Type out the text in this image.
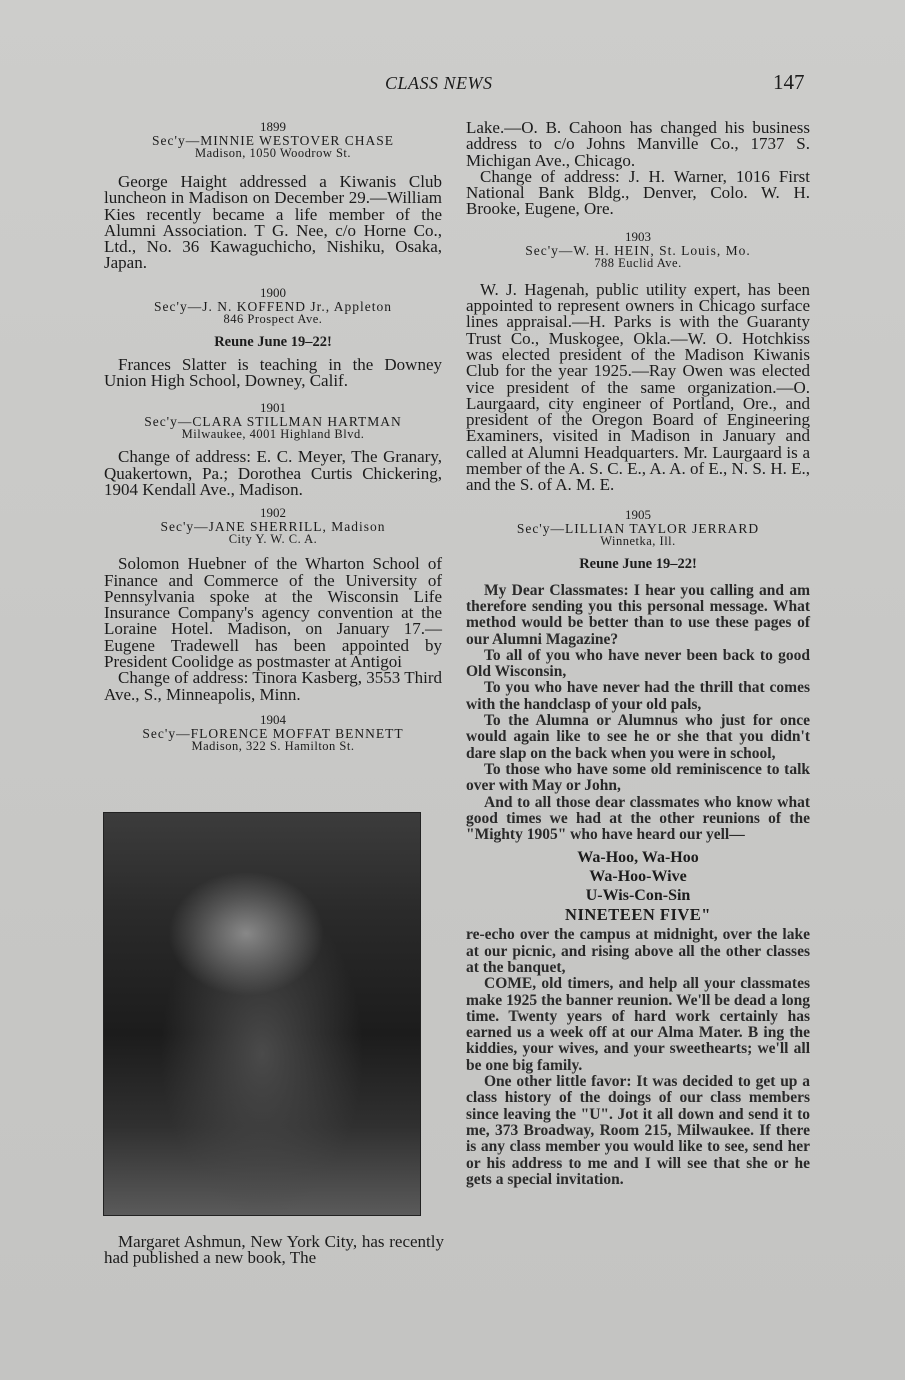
CLASS NEWS	147

1899

Sec'y—MINNIE WESTOVER CHASE

Madison, 1050 Woodrow St.

George Haight addressed a Kiwanis Club luncheon in Madison on December 29.—William Kies recently became a life member of the Alumni Association. T G. Nee, c/o Horne Co., Ltd., No. 36 Kawaguchicho, Nishiku, Osaka, Japan.

1900

Sec'y—J. N. KOFFEND Jr., Appleton

846 Prospect Ave.

Reune June 19–22!

Frances Slatter is teaching in the Downey Union High School, Downey, Calif.

1901

Sec'y—CLARA STILLMAN HARTMAN

Milwaukee, 4001 Highland Blvd.

Change of address: E. C. Meyer, The Granary, Quakertown, Pa.; Dorothea Curtis Chickering, 1904 Kendall Ave., Madison.

1902

Sec'y—JANE SHERRILL, Madison

City Y. W. C. A.

Solomon Huebner of the Wharton School of Finance and Commerce of the University of Pennsylvania spoke at the Wisconsin Life Insurance Company's agency convention at the Loraine Hotel. Madison, on January 17.—Eugene Tradewell has been appointed by President Coolidge as postmaster at Antigoi

Change of address: Tinora Kasberg, 3553 Third Ave., S., Minneapolis, Minn.

1904

Sec'y—FLORENCE MOFFAT BENNETT

Madison, 322 S. Hamilton St.

Margaret Ashmun, New York City, has recently had published a new book, The

Lake.—O. B. Cahoon has changed his business address to c/o Johns Manville Co., 1737 S. Michigan Ave., Chicago.

Change of address: J. H. Warner, 1016 First National Bank Bldg., Denver, Colo. W. H. Brooke, Eugene, Ore.

1903

Sec'y—W. H. HEIN, St. Louis, Mo.

788 Euclid Ave.

W. J. Hagenah, public utility expert, has been appointed to represent owners in Chicago surface lines appraisal.—H. Parks is with the Guaranty Trust Co., Muskogee, Okla.—W. O. Hotchkiss was elected president of the Madison Kiwanis Club for the year 1925.—Ray Owen was elected vice president of the same organization.—O. Laurgaard, city engineer of Portland, Ore., and president of the Oregon Board of Engineering Examiners, visited in Madison in January and called at Alumni Headquarters. Mr. Laurgaard is a member of the A. S. C. E., A. A. of E., N. S. H. E., and the S. of A. M. E.

1905

Sec'y—LILLIAN TAYLOR JERRARD

Winnetka, Ill.

Reune June 19–22!

My Dear Classmates: I hear you calling and am therefore sending you this personal message. What method would be better than to use these pages of our Alumni Magazine?

To all of you who have never been back to good Old Wisconsin,

To you who have never had the thrill that comes with the handclasp of your old pals,

To the Alumna or Alumnus who just for once would again like to see he or she that you didn't dare slap on the back when you were in school,

To those who have some old reminiscence to talk over with May or John,

And to all those dear classmates who know what good times we had at the other reunions of the "Mighty 1905" who have heard our yell—

Wa-Hoo, Wa-Hoo

Wa-Hoo-Wive

U-Wis-Con-Sin

NINETEEN FIVE"

re-echo over the campus at midnight, over the lake at our picnic, and rising above all the other classes at the banquet,

COME, old timers, and help all your classmates make 1925 the banner reunion. We'll be dead a long time. Twenty years of hard work certainly has earned us a week off at our Alma Mater. B ing the kiddies, your wives, and your sweethearts; we'll all be one big family.

One other little favor: It was decided to get up a class history of the doings of our class members since leaving the "U". Jot it all down and send it to me, 373 Broadway, Room 215, Milwaukee. If there is any class member you would like to see, send her or his address to me and I will see that she or he gets a special invitation.
